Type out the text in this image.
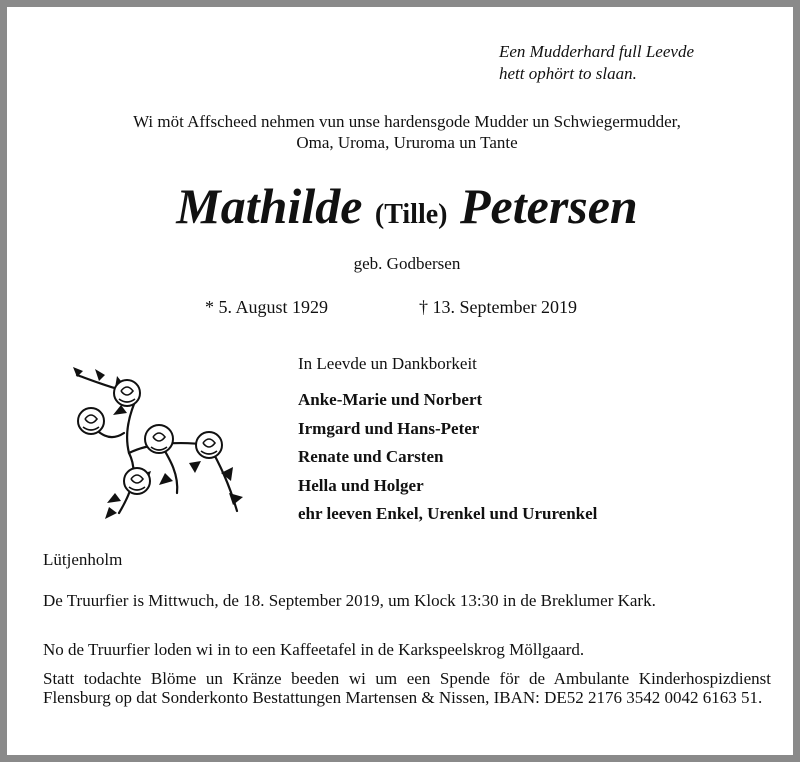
Een Mudderhard full Leevde
hett ophört to slaan.
Wi möt Affscheed nehmen vun unse hardensgode Mudder un Schwiegermudder,
Oma, Uroma, Ururoma un Tante
Mathilde (Tille) Petersen
geb. Godbersen
* 5. August 1929	† 13. September 2019
In Leevde un Dankborkeit
Anke-Marie und Norbert
Irmgard und Hans-Peter
Renate und Carsten
Hella und Holger
ehr leeven Enkel, Urenkel und Ururenkel
Lütjenholm
De Truurfier is Mittwuch, de 18. September 2019, um Klock 13:30 in de Breklumer Kark.
No de Truurfier loden wi in to een Kaffeetafel in de Karkspeelskrog Möllgaard.
Statt todachte Blöme un Kränze beeden wi um een Spende för de Ambulante Kinderhospizdienst Flensburg op dat Sonderkonto Bestattungen Martensen & Nissen, IBAN: DE52 2176 3542 0042 6163 51.
